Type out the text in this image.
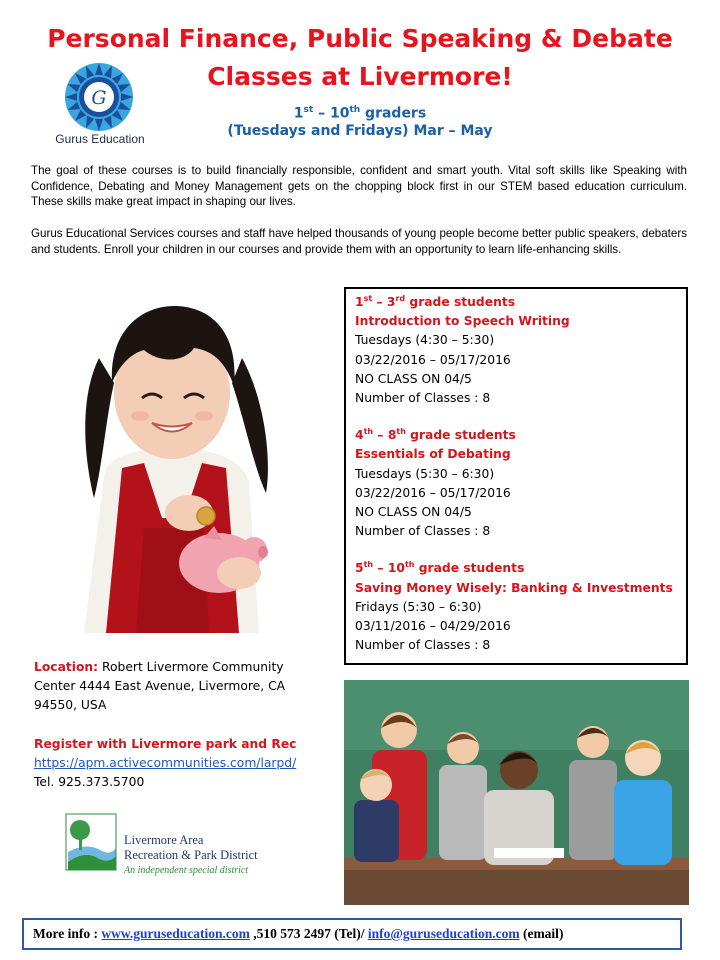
Personal Finance, Public Speaking & Debate
Classes at Livermore!
1st – 10th graders
(Tuesdays and Fridays) Mar – May
G
Gurus Education
The goal of these courses is to build financially responsible, confident and smart youth. Vital soft skills like Speaking with Confidence, Debating and Money Management gets on the chopping block first in our STEM based education curriculum. These skills make great impact in shaping our lives.
Gurus Educational Services courses and staff have helped thousands of young people become better public speakers, debaters and students. Enroll your children in our courses and provide them with an opportunity to learn life-enhancing skills.
1st – 3rd grade students
Introduction to Speech Writing
Tuesdays (4:30 – 5:30)
03/22/2016 – 05/17/2016
NO CLASS ON 04/5
Number of Classes : 8
4th – 8th grade students
Essentials of Debating
Tuesdays (5:30 – 6:30)
03/22/2016 – 05/17/2016
NO CLASS ON 04/5
Number of Classes : 8
5th – 10th grade students
Saving Money Wisely: Banking & Investments
Fridays (5:30 – 6:30)
03/11/2016 – 04/29/2016
Number of Classes : 8
Location: Robert Livermore Community
Center 4444 East Avenue, Livermore, CA
94550, USA
Register with Livermore park and Rec
https://apm.activecommunities.com/larpd/
Tel. 925.373.5700
Livermore Area
Recreation & Park District
An independent special district
More info : www.guruseducation.com ,510 573 2497 (Tel)/ info@guruseducation.com (email)
